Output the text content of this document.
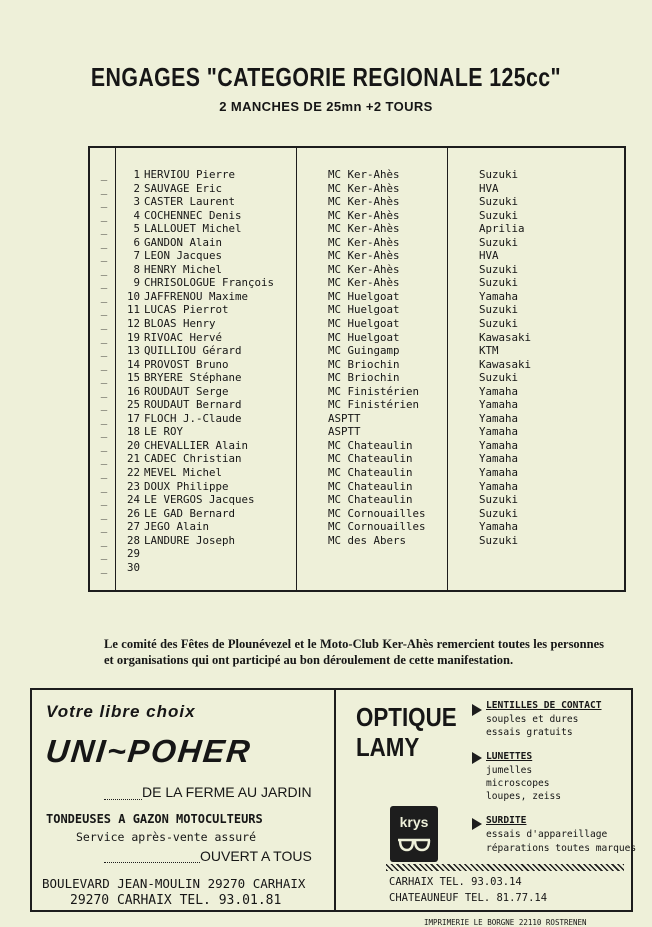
ENGAGES "CATEGORIE REGIONALE 125cc"
2 MANCHES DE 25mn +2 TOURS
_	1 HERVIOU Pierre	MC Ker-Ahès	Suzuki
_	2 SAUVAGE Eric	MC Ker-Ahès	HVA
_	3 CASTER Laurent	MC Ker-Ahès	Suzuki
_	4 COCHENNEC Denis	MC Ker-Ahès	Suzuki
_	5 LALLOUET Michel	MC Ker-Ahès	Aprilia
_	6 GANDON Alain	MC Ker-Ahès	Suzuki
_	7 LEON Jacques	MC Ker-Ahès	HVA
_	8 HENRY Michel	MC Ker-Ahès	Suzuki
_	9 CHRISOLOGUE François	MC Ker-Ahès	Suzuki
_	10 JAFFRENOU Maxime	MC Huelgoat	Yamaha
_	11 LUCAS Pierrot	MC Huelgoat	Suzuki
_	12 BLOAS Henry	MC Huelgoat	Suzuki
_	19 RIVOAC Hervé	MC Huelgoat	Kawasaki
_	13 QUILLIOU Gérard	MC Guingamp	KTM
_	14 PROVOST Bruno	MC Briochin	Kawasaki
_	15 BRYERE Stéphane	MC Briochin	Suzuki
_	16 ROUDAUT Serge	MC Finistérien	Yamaha
_	25 ROUDAUT Bernard	MC Finistérien	Yamaha
_	17 FLOCH J.-Claude	ASPTT	Yamaha
_	18 LE ROY	ASPTT	Yamaha
_	20 CHEVALLIER Alain	MC Chateaulin	Yamaha
_	21 CADEC Christian	MC Chateaulin	Yamaha
_	22 MEVEL Michel	MC Chateaulin	Yamaha
_	23 DOUX Philippe	MC Chateaulin	Yamaha
_	24 LE VERGOS Jacques	MC Chateaulin	Suzuki
_	26 LE GAD Bernard	MC Cornouailles	Suzuki
_	27 JEGO Alain	MC Cornouailles	Yamaha
_	28 LANDURE Joseph	MC des Abers	Suzuki
_	29
_	30
Le comité des Fêtes de Plounévezel et le Moto-Club Ker-Ahès remercient toutes les personnes et organisations qui ont participé au bon déroulement de cette manifestation.
Votre libre choix
UNI~POHER
DE LA FERME AU JARDIN
TONDEUSES A GAZON MOTOCULTEURS
Service après-vente assuré
OUVERT A TOUS
BOULEVARD JEAN-MOULIN 29270 CARHAIX
29270 CARHAIX TEL. 93.01.81
OPTIQUE
LAMY
LENTILLES DE CONTACT
souples et dures
essais gratuits
LUNETTES
jumelles
microscopes
loupes, zeiss
SURDITE
essais d'appareillage
réparations toutes marques
krys
CARHAIX TEL. 93.03.14
CHATEAUNEUF TEL. 81.77.14
IMPRIMERIE LE BORGNE 22110 ROSTRENEN
